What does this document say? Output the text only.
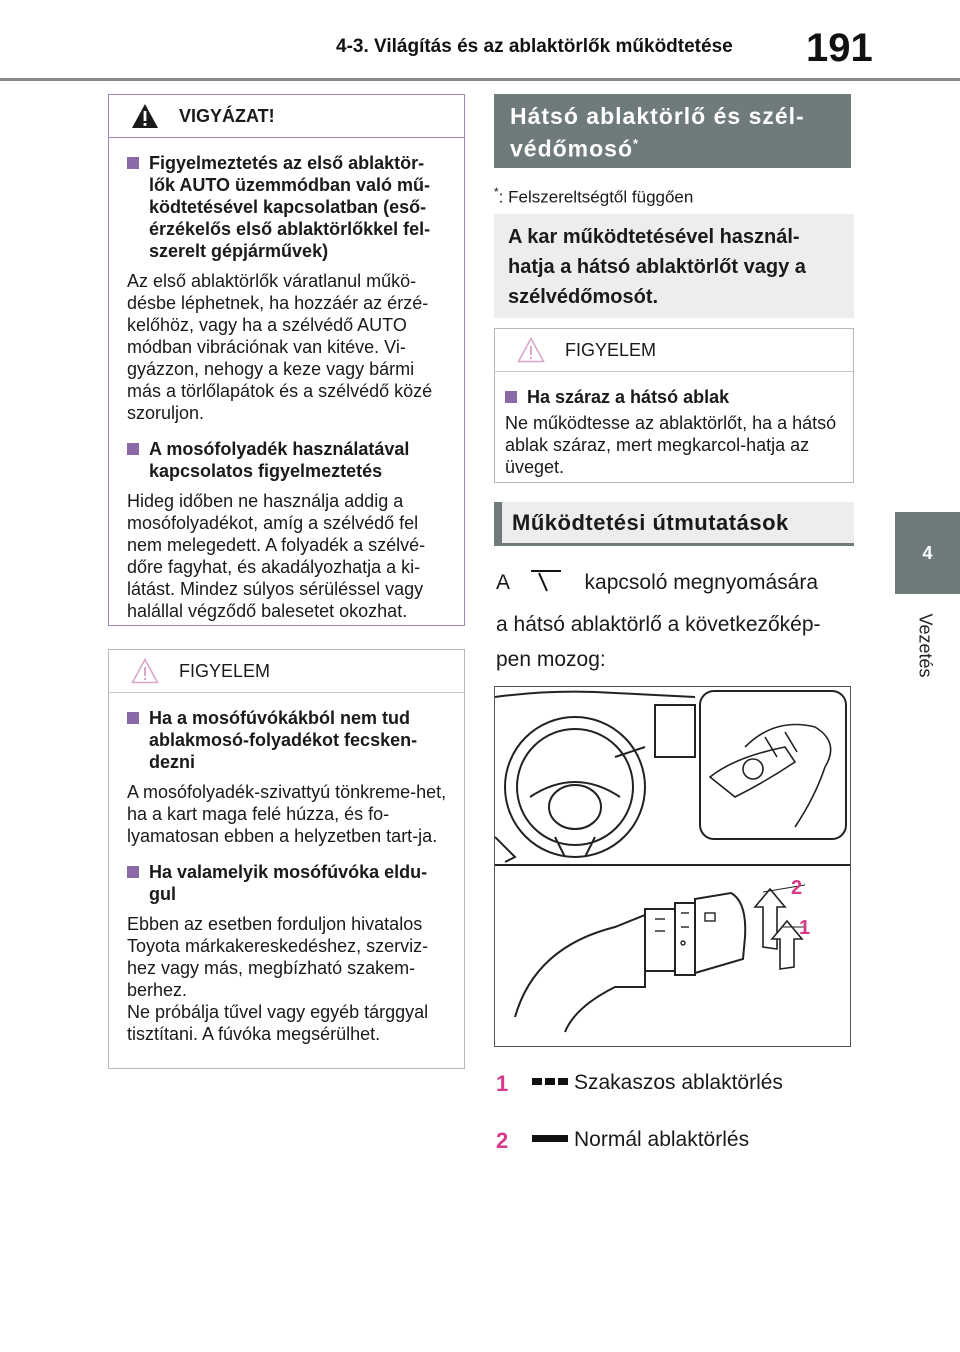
4-3. Világítás és az ablaktörlők működtetése 191
4
Vezetés
VIGYÁZAT!
Figyelmeztetés az első ablaktör-lők AUTO üzemmódban való mű-ködtetésével kapcsolatban (eső-érzékelős első ablaktörlőkkel fel-szerelt gépjárművek)
Az első ablaktörlők váratlanul műkö-désbe léphetnek, ha hozzáér az érzé-kelőhöz, vagy ha a szélvédő AUTO módban vibrációnak van kitéve. Vi-gyázzon, nehogy a keze vagy bármi más a törlőlapátok és a szélvédő közé szoruljon.
A mosófolyadék használatával kapcsolatos figyelmeztetés
Hideg időben ne használja addig a mosófolyadékot, amíg a szélvédő fel nem melegedett. A folyadék a szélvé-dőre fagyhat, és akadályozhatja a ki-látást. Mindez súlyos sérüléssel vagy halállal végződő balesetet okozhat.
FIGYELEM
Ha a mosófúvókákból nem tud ablakmosó-folyadékot fecsken-dezni
A mosófolyadék-szivattyú tönkreme-het, ha a kart maga felé húzza, és fo-lyamatosan ebben a helyzetben tart-ja.
Ha valamelyik mosófúvóka eldu-gul
Ebben az esetben forduljon hivatalos Toyota márkakereskedéshez, szerviz-hez vagy más, megbízható szakem-berhez.
Ne próbálja tűvel vagy egyéb tárggyal tisztítani. A fúvóka megsérülhet.
Hátsó ablaktörlő és szél-
védőmosó*
*: Felszereltségtől függően
A kar működtetésével használ-hatja a hátsó ablaktörlőt vagy a szélvédőmosót.
FIGYELEM
Ha száraz a hátsó ablak
Ne működtesse az ablaktörlőt, ha a hátsó ablak száraz, mert megkarcol-hatja az üveget.
Működtetési útmutatások
A	kapcsoló megnyomására
a hátsó ablaktörlő a következőkép-
pen mozog:
2
1
1	Szakaszos ablaktörlés
2	Normál ablaktörlés
